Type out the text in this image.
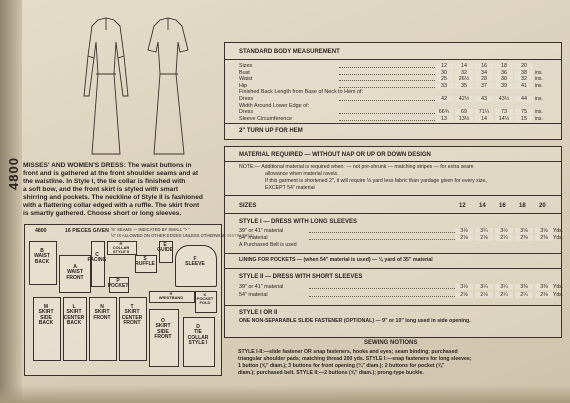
4800 MISSES' AND WOMEN'S DRESS: The waist buttons in
front and is gathered at the front shoulder seams and at
the waistline. In Style I, the tie collar is finished with
a soft bow, and the front skirt is styled with smart
shirring and pockets. The neckline of Style II is fashioned
with a flattering collar edged with a ruffle. The skirt front
is smartly gathered. Choose short or long sleeves.
4800	16 PIECES GIVEN ⅝" SEAMS — INDICATED BY SMALL "> "
½" IS ALLOWED ON OTHER EDGES UNLESS OTHERWISE INSTRUCTED
B
WAIST
BACK
A
WAIST
FRONT
C
FACING
R
COLLAR
STYLE II
S
RUFFLE
E
GUIDE
F
SLEEVE
P
POCKET
M
SKIRT
SIDE
BACK
L
SKIRT
CENTER
BACK
N
SKIRT
FRONT
T
SKIRT
CENTER
FRONT
H
WRISTBAND
K
POCKET
FOLD
O
SKIRT
SIDE
FRONT
D
TIE
COLLAR
STYLE I
STANDARD BODY MEASUREMENT
Sizes	12	14	16	18	20
Bust	30	32	34	36	38	ins.
Waist	25	26½	28	30	32	ins.
Hip	33	35	37	39	41	ins.
Finished Back Length from Base of Neck to Hem of:
Dress	42	42½	43	43½	44	ins.
Width Around Lower Edge of:
Dress	66¾	69	71¼	73	75	ins.
Sleeve Circumference	13	13½	14	14½	15	ins.
2" TURN UP FOR HEM
MATERIAL REQUIRED — WITHOUT NAP OR UP OR DOWN DESIGN
NOTE:— Additional material is required when: — not pre-shrunk — matching stripes — for extra seam
allowance when material ravels.
If this garment is shortened 2", it will require ⅛ yard less fabric than yardage given for every size,
EXCEPT 54" material
SIZES	12 14 16 18 20
STYLE I — DRESS WITH LONG SLEEVES
39" or 41" material	3⅛	3¼	3½	3⅝	3⅝	Yds.
54" material	2⅛	2⅛	2¼	2⅜	2⅜	Yds.
A Purchased Belt is used
LINING FOR POCKETS — (when 54" material is used) — ⅛ yard of 35" material
STYLE II — DRESS WITH SHORT SLEEVES
39" or 41" material	3⅛	3¼	3¼	3⅜	3⅜	Yds.
54" material	2⅝	2⅛	2¼	2¼	2⅜	Yds.
STYLE I OR II
ONE NON-SEPARABLE SLIDE FASTENER (OPTIONAL) — 9" or 10" long used in side opening.
SEWING NOTIONS
STYLE I-II:—slide fastener OR snap fasteners, hooks and eyes; seam binding; purchased
triangular shoulder pads; matching thread 200 yds. STYLE I:—snap fasteners for long sleeves;
1 button (⅝" diam.); 3 buttons for front opening (¾" diam.); 2 buttons for pocket (⅝"
diam.); purchased belt. STYLE II:—2 buttons (⅝" diam.); prong-type buckle.
